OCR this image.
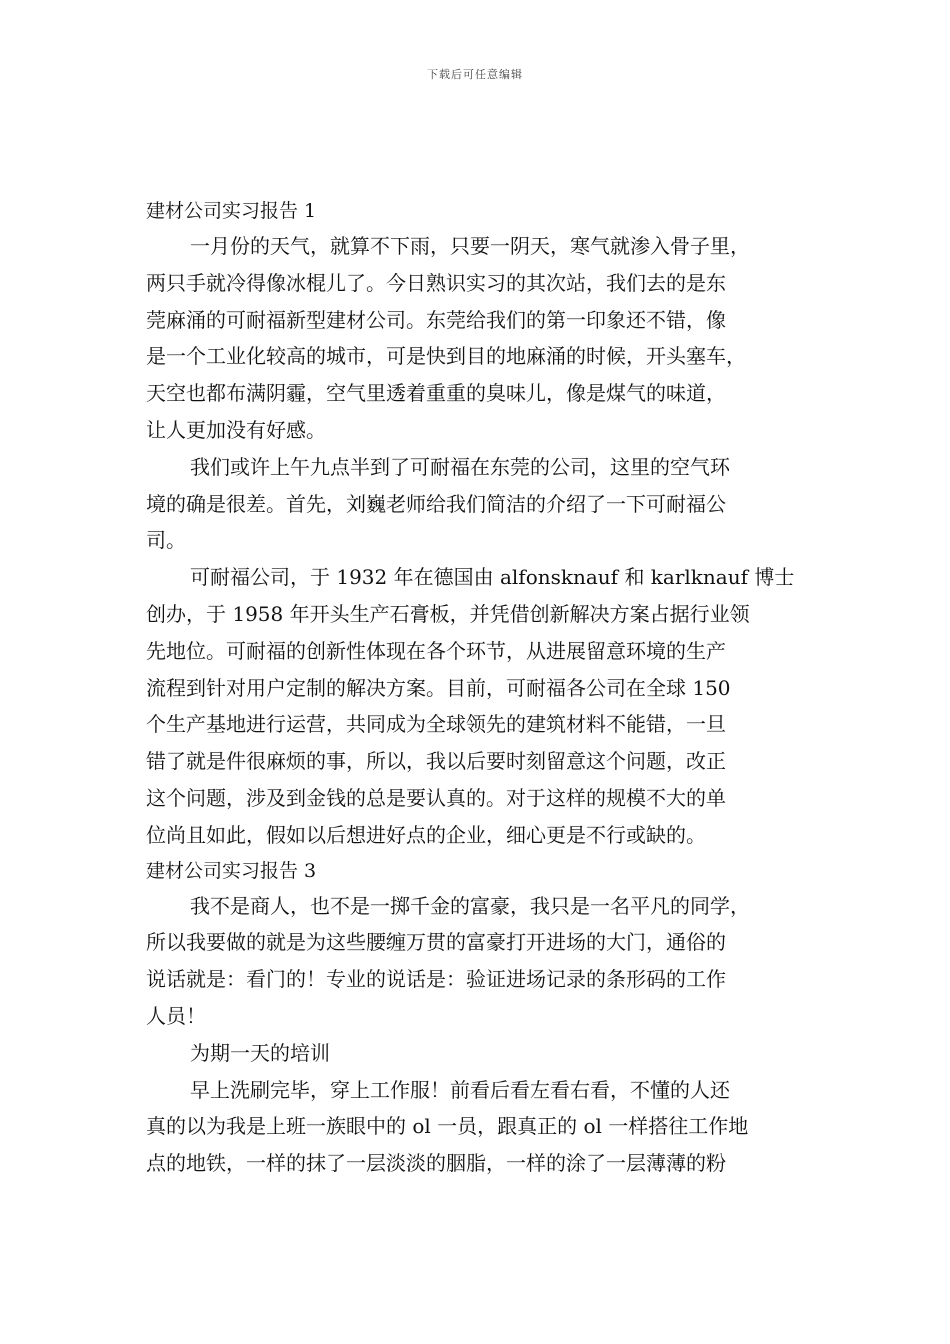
下载后可任意编辑
建材公司实习报告 1
一月份的天气，就算不下雨，只要一阴天，寒气就渗入骨子里，
两只手就冷得像冰棍儿了。今日熟识实习的其次站，我们去的是东
莞麻涌的可耐福新型建材公司。东莞给我们的第一印象还不错，像
是一个工业化较高的城市，可是快到目的地麻涌的时候，开头塞车，
天空也都布满阴霾，空气里透着重重的臭味儿，像是煤气的味道，
让人更加没有好感。
我们或许上午九点半到了可耐福在东莞的公司，这里的空气环
境的确是很差。首先，刘巍老师给我们简洁的介绍了一下可耐福公
司。
可耐福公司，于 1932 年在德国由 alfonsknauf 和 karlknauf 博士
创办，于 1958 年开头生产石膏板，并凭借创新解决方案占据行业领
先地位。可耐福的创新性体现在各个环节，从进展留意环境的生产
流程到针对用户定制的解决方案。目前，可耐福各公司在全球 150
个生产基地进行运营，共同成为全球领先的建筑材料不能错，一旦
错了就是件很麻烦的事，所以，我以后要时刻留意这个问题，改正
这个问题，涉及到金钱的总是要认真的。对于这样的规模不大的单
位尚且如此，假如以后想进好点的企业，细心更是不行或缺的。
建材公司实习报告 3
我不是商人，也不是一掷千金的富豪，我只是一名平凡的同学，
所以我要做的就是为这些腰缠万贯的富豪打开进场的大门，通俗的
说话就是：看门的！专业的说话是：验证进场记录的条形码的工作
人员！
为期一天的培训
早上洗刷完毕，穿上工作服！前看后看左看右看，不懂的人还
真的以为我是上班一族眼中的 ol 一员，跟真正的 ol 一样搭往工作地
点的地铁，一样的抹了一层淡淡的胭脂，一样的涂了一层薄薄的粉
